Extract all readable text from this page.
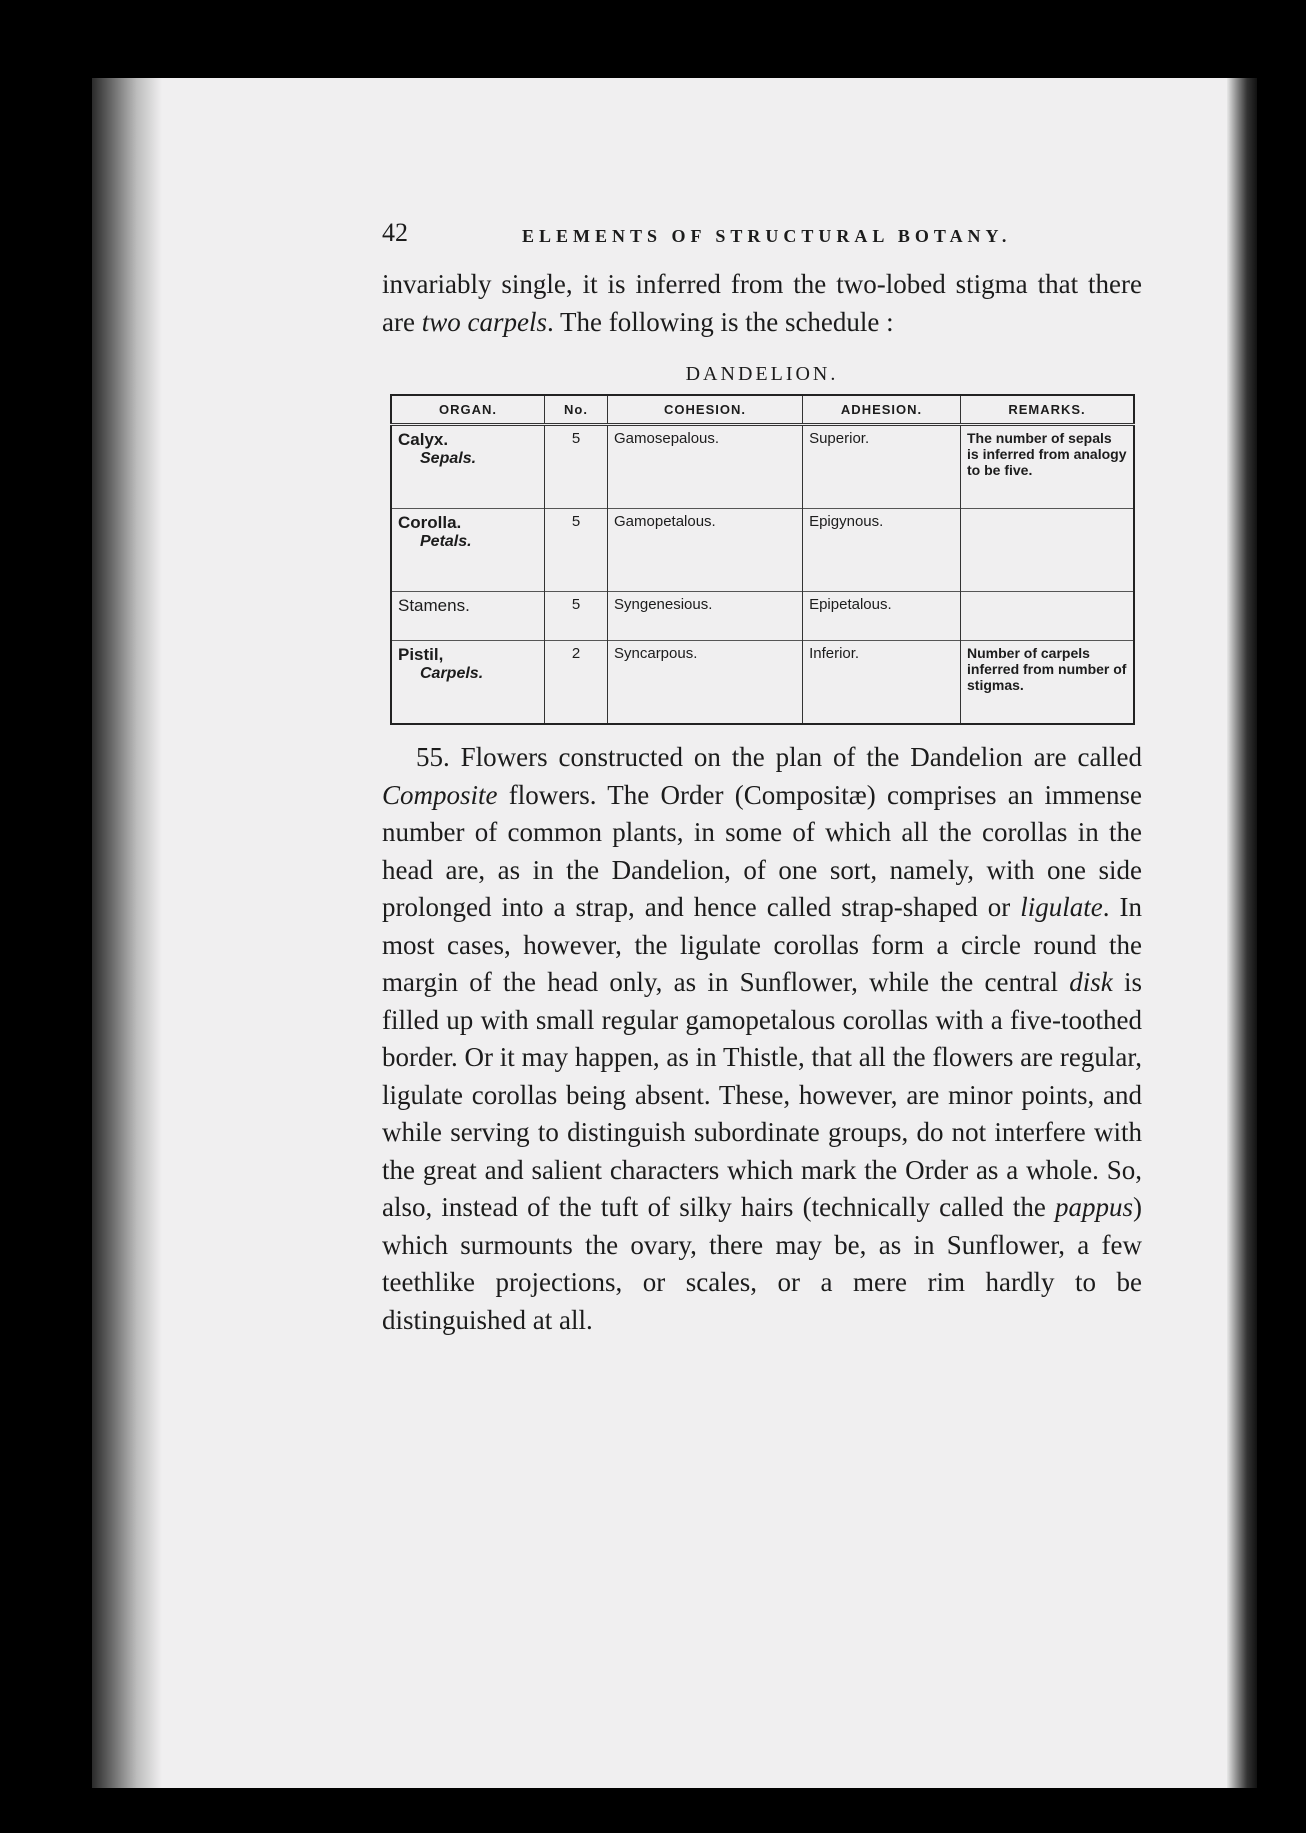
42	ELEMENTS OF STRUCTURAL BOTANY.

invariably single, it is inferred from the two-lobed stigma that there are two carpels. The following is the schedule :

DANDELION.
ORGAN.	No.	COHESION.	ADHESION.	REMARKS.

Calyx.
Sepals.	5	Gamosepalous.	Superior.	The number of sepals is inferred from analogy to be five.

Corolla.
Petals.	5	Gamopetalous.	Epigynous.	

Stamens.	5	Syngenesious.	Epipetalous.	

Pistil,
Carpels.	2	Syncarpous.	Inferior.	Number of carpels inferred from number of stigmas.

55. Flowers constructed on the plan of the Dandelion are called Composite flowers. The Order (Compositæ) comprises an immense number of common plants, in some of which all the corollas in the head are, as in the Dandelion, of one sort, namely, with one side prolonged into a strap, and hence called strap-shaped or ligulate. In most cases, however, the ligulate corollas form a circle round the margin of the head only, as in Sunflower, while the central disk is filled up with small regular gamopetalous corollas with a five-toothed border. Or it may happen, as in Thistle, that all the flowers are regular, ligulate corollas being absent. These, however, are minor points, and while serving to distinguish subordinate groups, do not interfere with the great and salient characters which mark the Order as a whole. So, also, instead of the tuft of silky hairs (technically called the pappus) which surmounts the ovary, there may be, as in Sunflower, a few teethlike projections, or scales, or a mere rim hardly to be distinguished at all.
